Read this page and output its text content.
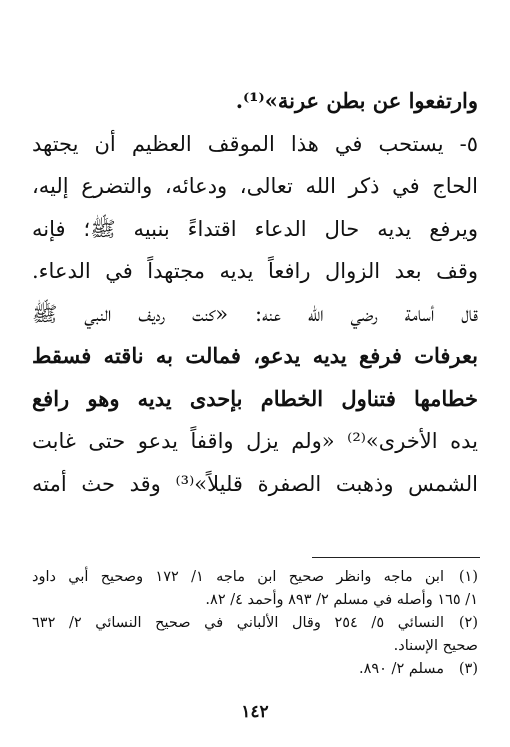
وارتفعوا عن بطن عرنة»⁽¹⁾.
٥- يستحب في هذا الموقف العظيم أن يجتهد
الحاج في ذكر الله تعالى، ودعائه، والتضرع إليه،
ويرفع يديه حال الدعاء اقتداءً بنبيه ﷺ؛ فإنه
وقف بعد الزوال رافعاً يديه مجتهداً في الدعاء.
قال أسامة رضي الله عنه: «كنت رديف النبي ﷺ
بعرفات فرفع يديه يدعو، فمالت به ناقته فسقط
خطامها فتناول الخطام بإحدى يديه وهو رافع
يده الأخرى»⁽²⁾ «ولم يزل واقفاً يدعو حتى غابت
الشمس وذهبت الصفرة قليلاً»⁽³⁾ وقد حث أمته
(١)ابن ماجه وانظر صحيح ابن ماجه ١/ ١٧٢ وصحيح أبي داود
١/ ١٦٥ وأصله في مسلم ٢/ ٨٩٣ وأحمد ٤/ ٨٢.
(٢)النسائي ٥/ ٢٥٤ وقال الألباني في صحيح النسائي ٢/ ٦٣٢
صحيح الإسناد.
(٣)مسلم ٢/ ٨٩٠.
١٤٢
